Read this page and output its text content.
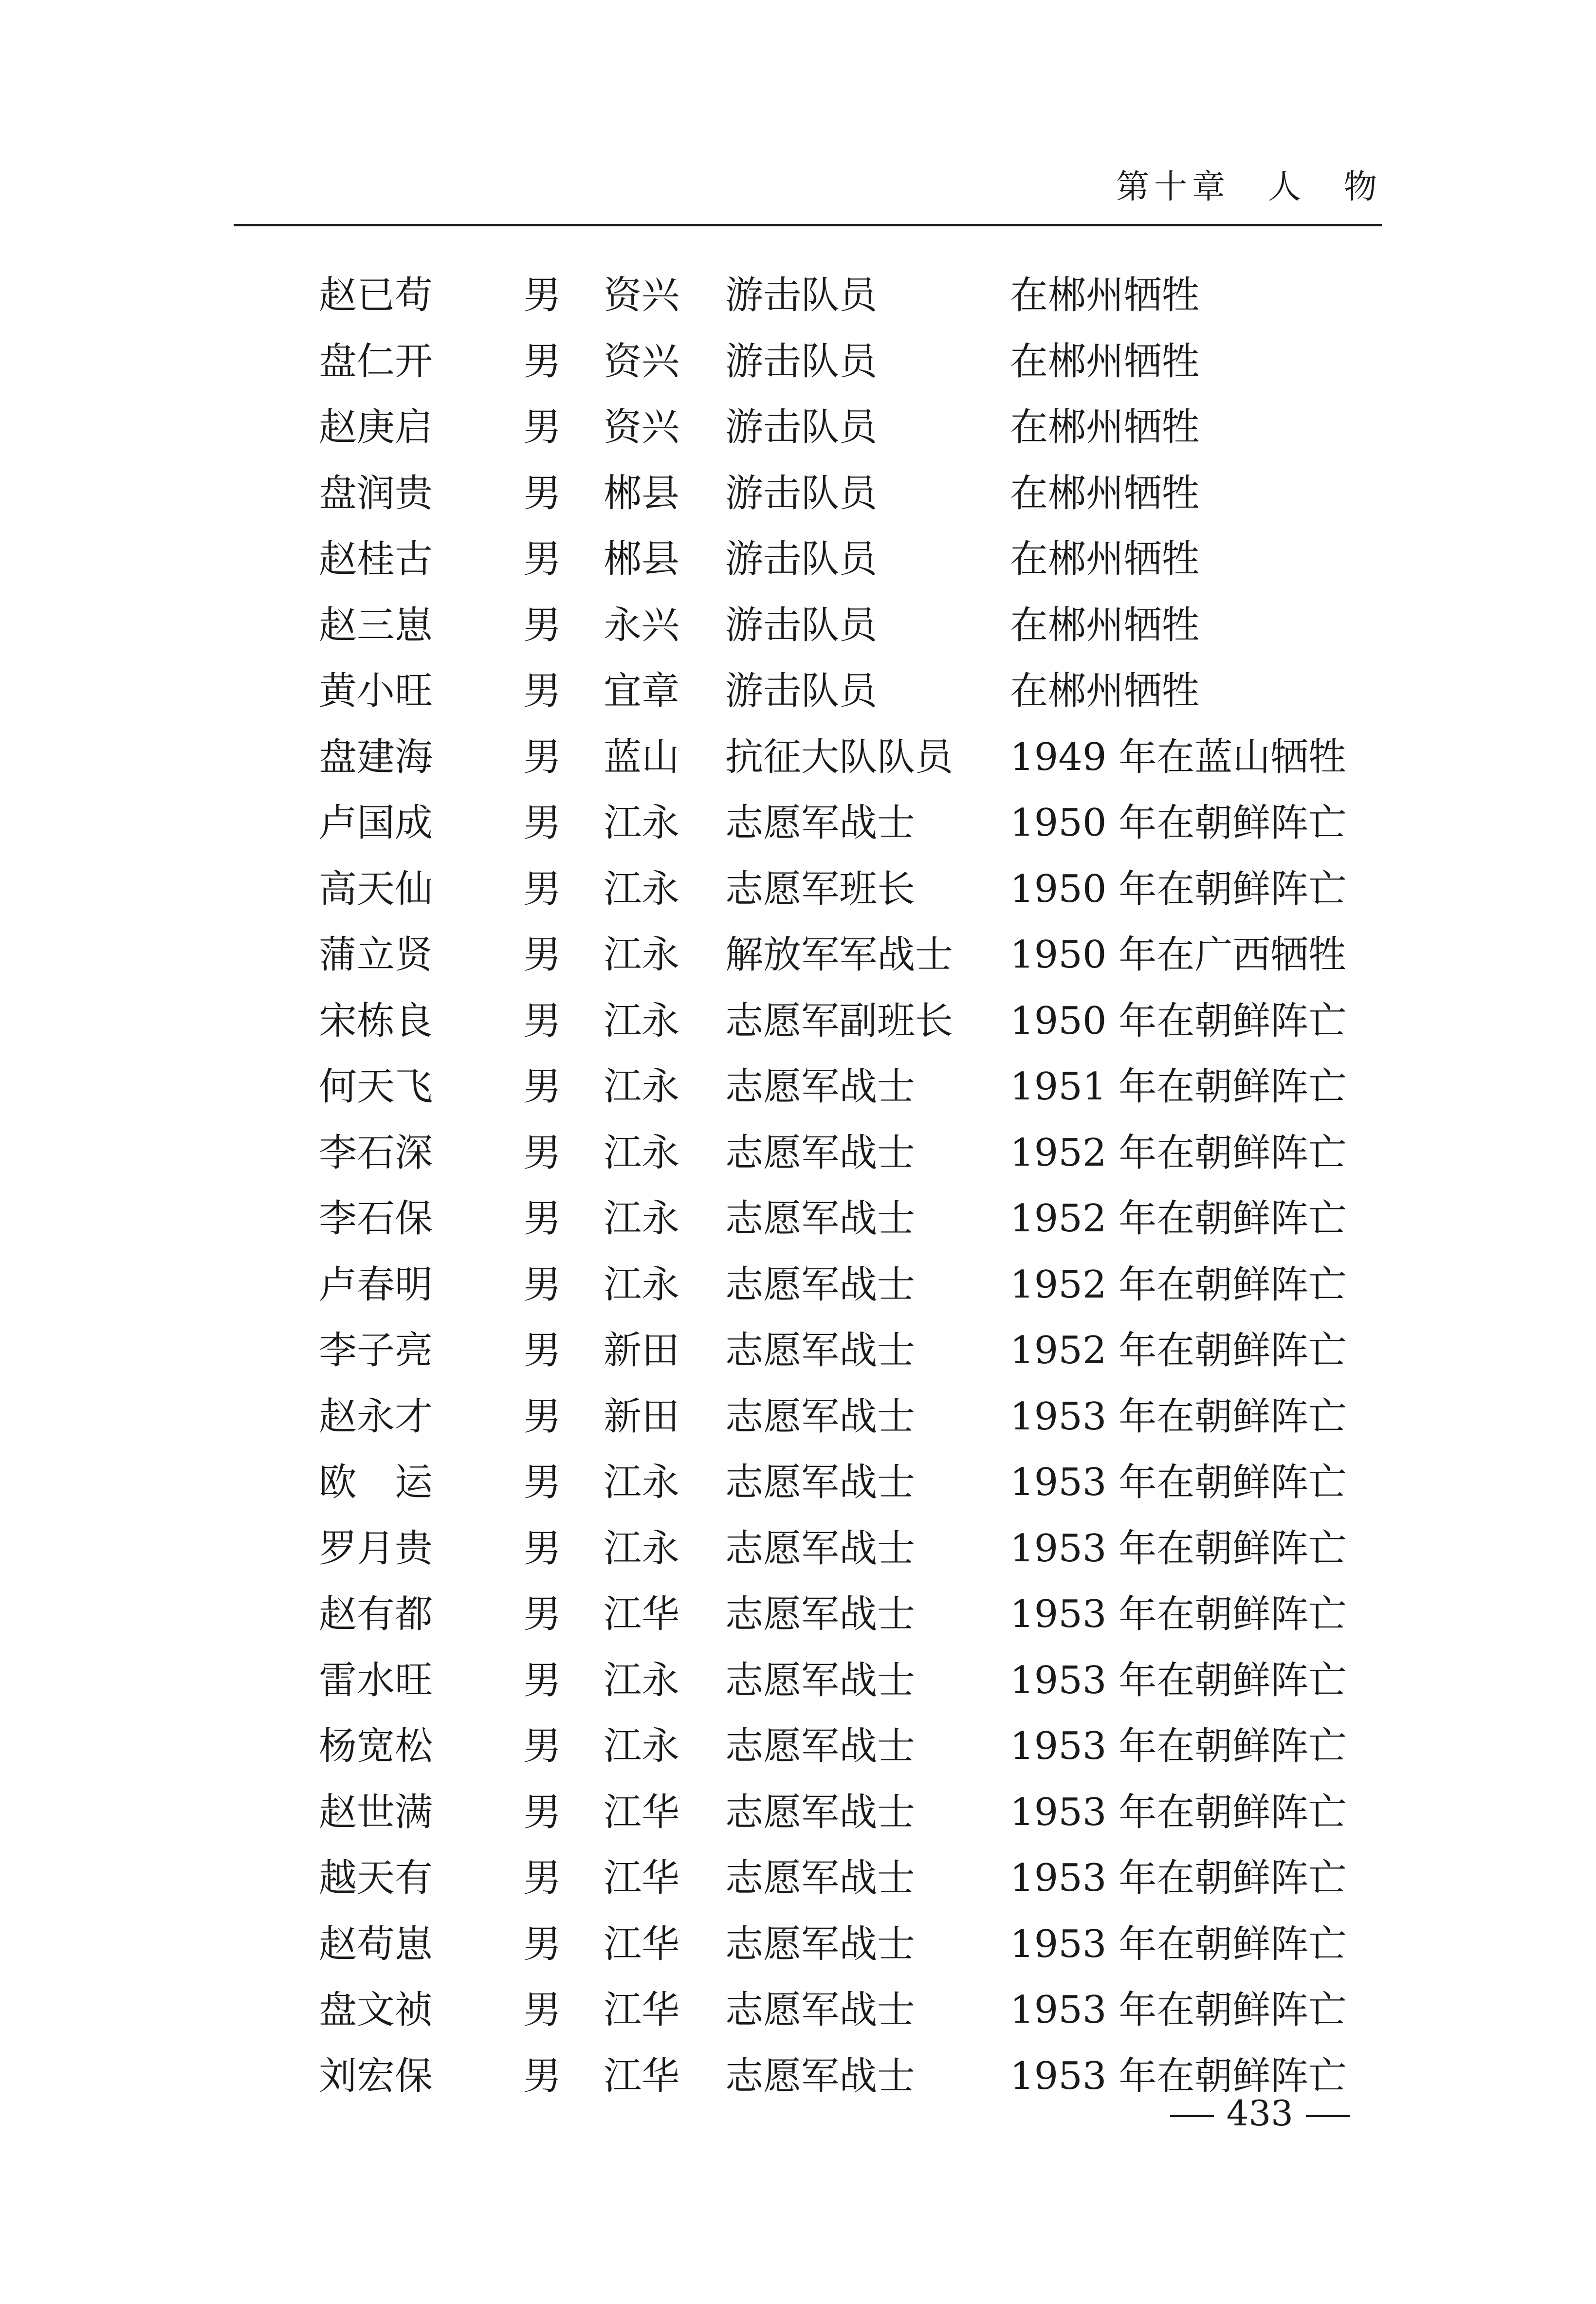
第十章　人　物
赵已苟 男 资兴 游击队员	在郴州牺牲
盘仁开 男 资兴 游击队员	在郴州牺牲
赵庚启 男 资兴 游击队员	在郴州牺牲
盘润贵 男 郴县 游击队员	在郴州牺牲
赵桂古 男 郴县 游击队员	在郴州牺牲
赵三崽 男 永兴 游击队员	在郴州牺牲
黄小旺 男 宜章 游击队员	在郴州牺牲
盘建海 男 蓝山 抗征大队队员 1949 年在蓝山牺牲
卢国成 男 江永 志愿军战士 1950 年在朝鲜阵亡
高天仙 男 江永 志愿军班长 1950 年在朝鲜阵亡
蒲立贤 男 江永 解放军军战士 1950 年在广西牺牲
宋栋良 男 江永 志愿军副班长 1950 年在朝鲜阵亡
何天飞 男 江永 志愿军战士 1951 年在朝鲜阵亡
李石深 男 江永 志愿军战士 1952 年在朝鲜阵亡
李石保 男 江永 志愿军战士 1952 年在朝鲜阵亡
卢春明 男 江永 志愿军战士 1952 年在朝鲜阵亡
李子亮 男 新田 志愿军战士 1952 年在朝鲜阵亡
赵永才 男 新田 志愿军战士 1953 年在朝鲜阵亡
欧　运 男 江永 志愿军战士 1953 年在朝鲜阵亡
罗月贵 男 江永 志愿军战士 1953 年在朝鲜阵亡
赵有都 男 江华 志愿军战士 1953 年在朝鲜阵亡
雷水旺 男 江永 志愿军战士 1953 年在朝鲜阵亡
杨宽松 男 江永 志愿军战士 1953 年在朝鲜阵亡
赵世满 男 江华 志愿军战士 1953 年在朝鲜阵亡
越天有 男 江华 志愿军战士 1953 年在朝鲜阵亡
赵苟崽 男 江华 志愿军战士 1953 年在朝鲜阵亡
盘文祯 男 江华 志愿军战士 1953 年在朝鲜阵亡
刘宏保 男 江华 志愿军战士 1953 年在朝鲜阵亡
433
